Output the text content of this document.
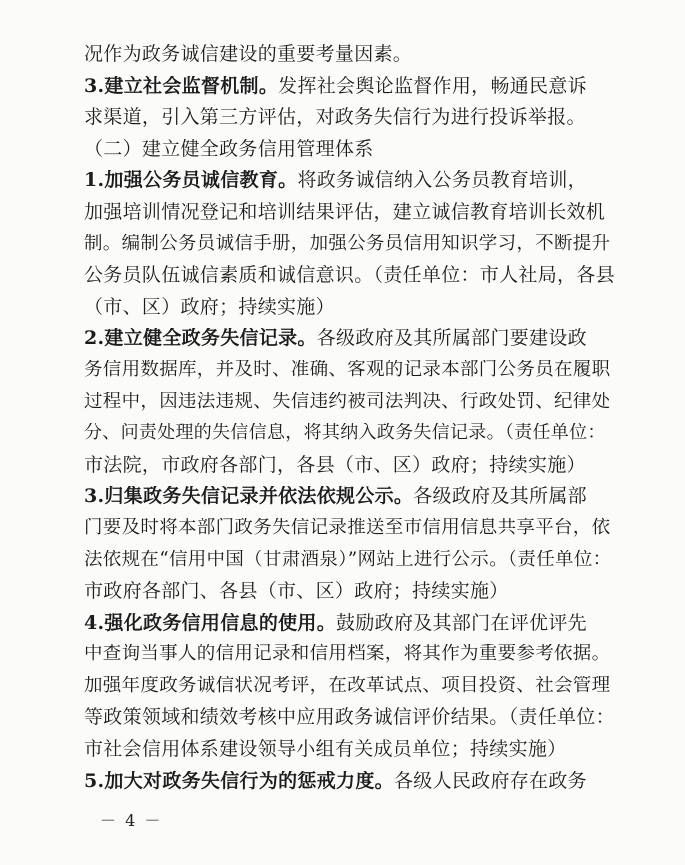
况作为政务诚信建设的重要考量因素。
3.建立社会监督机制。发挥社会舆论监督作用，畅通民意诉
求渠道，引入第三方评估，对政务失信行为进行投诉举报。
（二）建立健全政务信用管理体系
1.加强公务员诚信教育。将政务诚信纳入公务员教育培训，
加强培训情况登记和培训结果评估，建立诚信教育培训长效机
制。编制公务员诚信手册，加强公务员信用知识学习，不断提升
公务员队伍诚信素质和诚信意识。（责任单位：市人社局，各县
（市、区）政府；持续实施）
2.建立健全政务失信记录。各级政府及其所属部门要建设政
务信用数据库，并及时、准确、客观的记录本部门公务员在履职
过程中，因违法违规、失信违约被司法判决、行政处罚、纪律处
分、问责处理的失信信息，将其纳入政务失信记录。（责任单位：
市法院，市政府各部门，各县（市、区）政府；持续实施）
3.归集政务失信记录并依法依规公示。各级政府及其所属部
门要及时将本部门政务失信记录推送至市信用信息共享平台，依
法依规在“信用中国（甘肃酒泉）”网站上进行公示。（责任单位：
市政府各部门、各县（市、区）政府；持续实施）
4.强化政务信用信息的使用。鼓励政府及其部门在评优评先
中查询当事人的信用记录和信用档案，将其作为重要参考依据。
加强年度政务诚信状况考评，在改革试点、项目投资、社会管理
等政策领域和绩效考核中应用政务诚信评价结果。（责任单位：
市社会信用体系建设领导小组有关成员单位；持续实施）
5.加大对政务失信行为的惩戒力度。各级人民政府存在政务
－ 4 －
